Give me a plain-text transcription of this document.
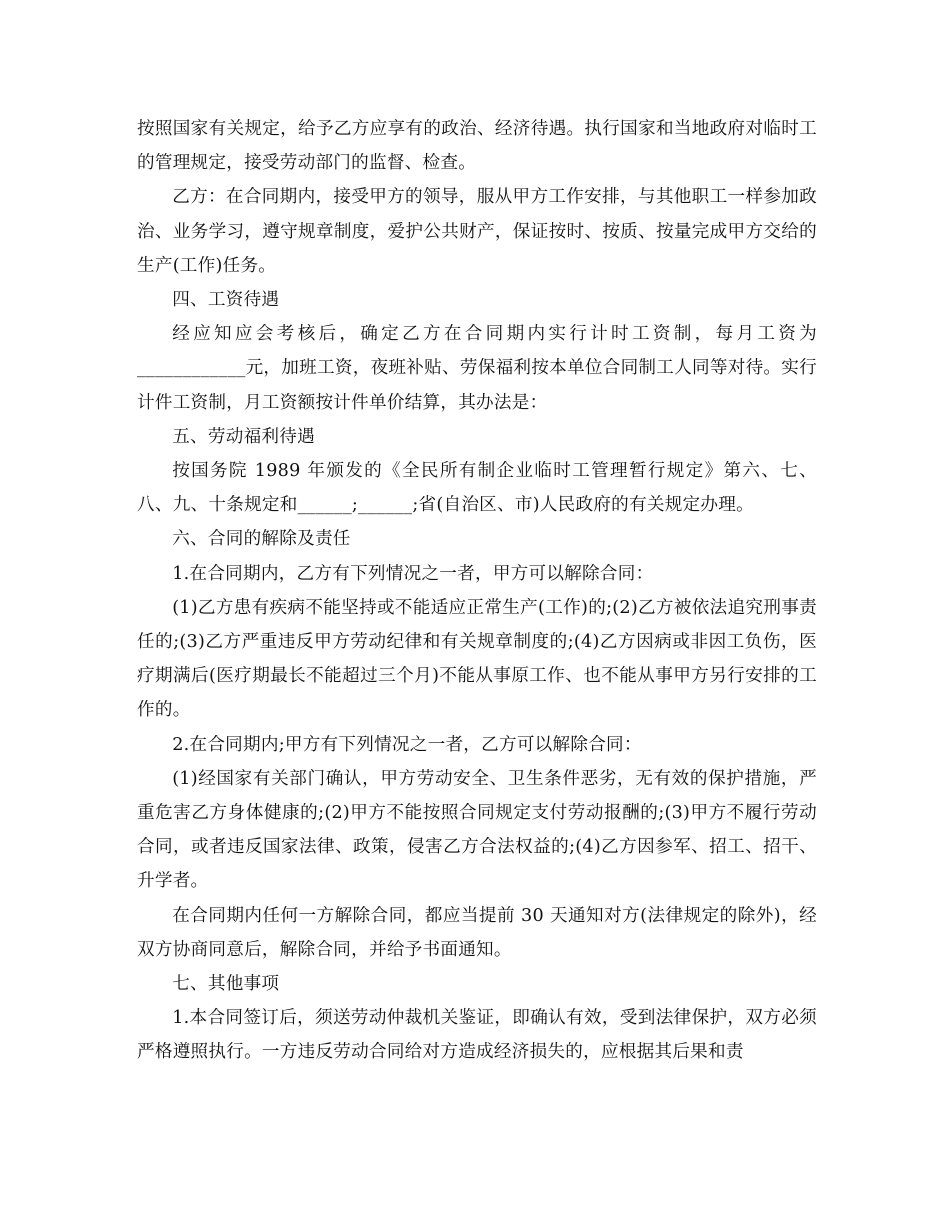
按照国家有关规定，给予乙方应享有的政治、经济待遇。执行国家和当地政府对临时工的管理规定，接受劳动部门的监督、检查。

乙方：在合同期内，接受甲方的领导，服从甲方工作安排，与其他职工一样参加政治、业务学习，遵守规章制度，爱护公共财产，保证按时、按质、按量完成甲方交给的生产(工作)任务。

四、工资待遇

经应知应会考核后，确定乙方在合同期内实行计时工资制，每月工资为____________元，加班工资，夜班补贴、劳保福利按本单位合同制工人同等对待。实行计件工资制，月工资额按计件单价结算，其办法是：

五、劳动福利待遇

按国务院 1989 年颁发的《全民所有制企业临时工管理暂行规定》第六、七、八、九、十条规定和______;______;省(自治区、市)人民政府的有关规定办理。

六、合同的解除及责任

1.在合同期内，乙方有下列情况之一者，甲方可以解除合同：

(1)乙方患有疾病不能坚持或不能适应正常生产(工作)的;(2)乙方被依法追究刑事责任的;(3)乙方严重违反甲方劳动纪律和有关规章制度的;(4)乙方因病或非因工负伤，医疗期满后(医疗期最长不能超过三个月)不能从事原工作、也不能从事甲方另行安排的工作的。

2.在合同期内;甲方有下列情况之一者，乙方可以解除合同：

(1)经国家有关部门确认，甲方劳动安全、卫生条件恶劣，无有效的保护措施，严重危害乙方身体健康的;(2)甲方不能按照合同规定支付劳动报酬的;(3)甲方不履行劳动合同，或者违反国家法律、政策，侵害乙方合法权益的;(4)乙方因参军、招工、招干、升学者。

在合同期内任何一方解除合同，都应当提前 30 天通知对方(法律规定的除外)，经双方协商同意后，解除合同，并给予书面通知。

七、其他事项

1.本合同签订后，须送劳动仲裁机关鉴证，即确认有效，受到法律保护，双方必须严格遵照执行。一方违反劳动合同给对方造成经济损失的，应根据其后果和责
